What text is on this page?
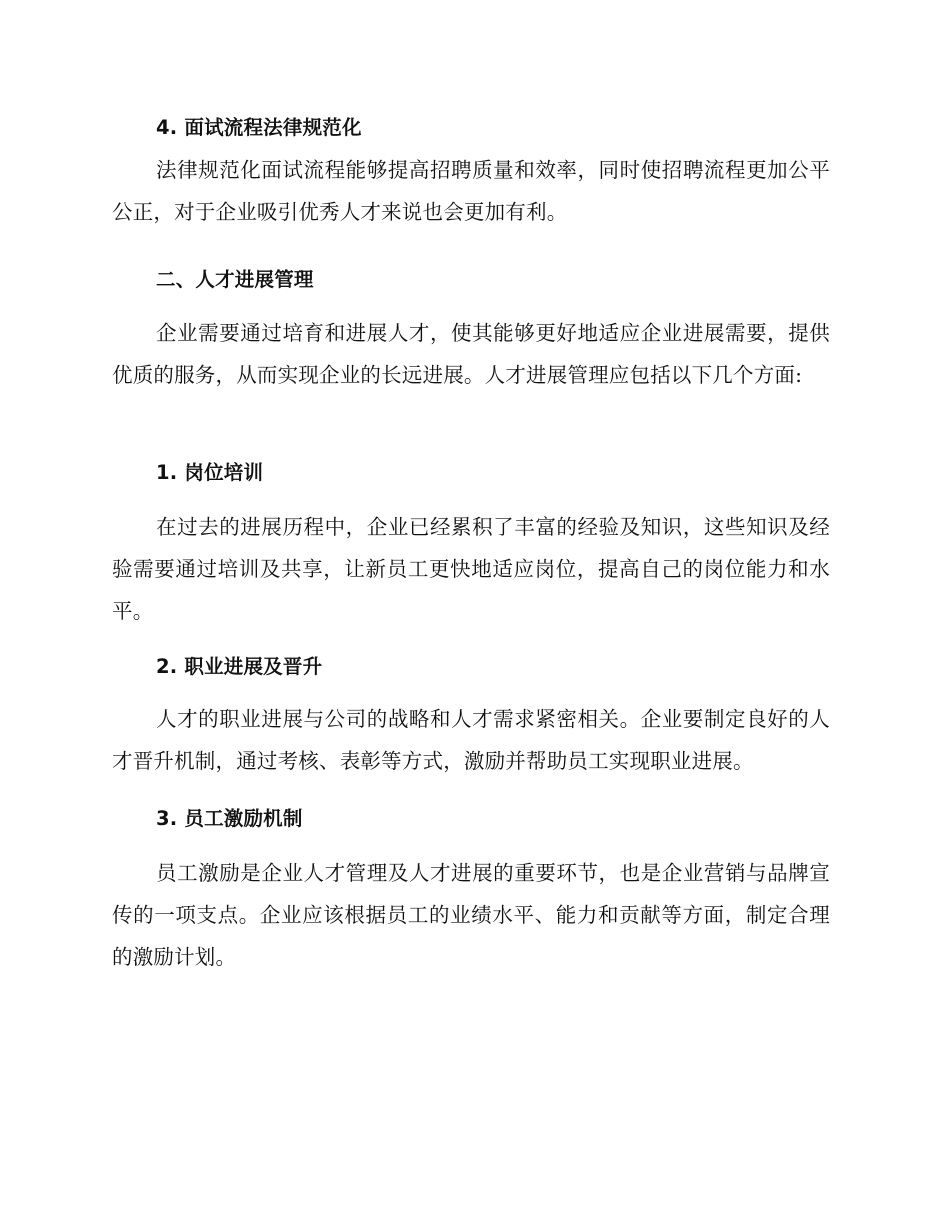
4. 面试流程法律规范化

法律规范化面试流程能够提高招聘质量和效率，同时使招聘流程更加公平公正，对于企业吸引优秀人才来说也会更加有利。

二、人才进展管理

企业需要通过培育和进展人才，使其能够更好地适应企业进展需要，提供优质的服务，从而实现企业的长远进展。人才进展管理应包括以下几个方面:

1. 岗位培训

在过去的进展历程中，企业已经累积了丰富的经验及知识，这些知识及经验需要通过培训及共享，让新员工更快地适应岗位，提高自己的岗位能力和水平。

2. 职业进展及晋升

人才的职业进展与公司的战略和人才需求紧密相关。企业要制定良好的人才晋升机制，通过考核、表彰等方式，激励并帮助员工实现职业进展。

3. 员工激励机制

员工激励是企业人才管理及人才进展的重要环节，也是企业营销与品牌宣传的一项支点。企业应该根据员工的业绩水平、能力和贡献等方面，制定合理的激励计划。
